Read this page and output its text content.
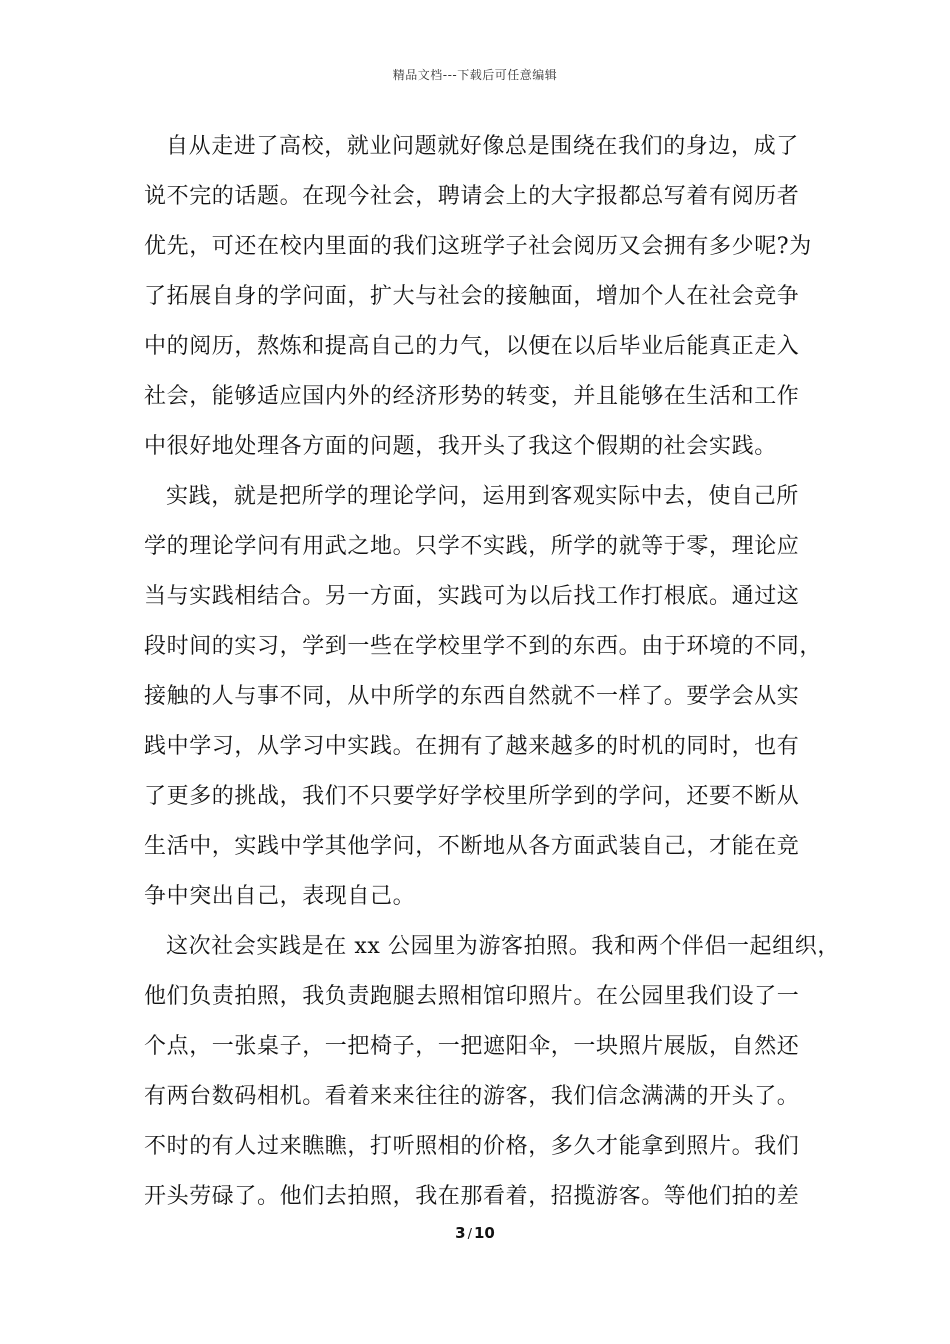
精品文档---下载后可任意编辑
自从走进了高校，就业问题就好像总是围绕在我们的身边，成了
说不完的话题。在现今社会，聘请会上的大字报都总写着有阅历者
优先，可还在校内里面的我们这班学子社会阅历又会拥有多少呢?为
了拓展自身的学问面，扩大与社会的接触面，增加个人在社会竞争
中的阅历，熬炼和提高自己的力气，以便在以后毕业后能真正走入
社会，能够适应国内外的经济形势的转变，并且能够在生活和工作
中很好地处理各方面的问题，我开头了我这个假期的社会实践。
实践，就是把所学的理论学问，运用到客观实际中去，使自己所
学的理论学问有用武之地。只学不实践，所学的就等于零，理论应
当与实践相结合。另一方面，实践可为以后找工作打根底。通过这
段时间的实习，学到一些在学校里学不到的东西。由于环境的不同，
接触的人与事不同，从中所学的东西自然就不一样了。要学会从实
践中学习，从学习中实践。在拥有了越来越多的时机的同时，也有
了更多的挑战，我们不只要学好学校里所学到的学问，还要不断从
生活中，实践中学其他学问，不断地从各方面武装自己，才能在竞
争中突出自己，表现自己。
这次社会实践是在 xx 公园里为游客拍照。我和两个伴侣一起组织，
他们负责拍照，我负责跑腿去照相馆印照片。在公园里我们设了一
个点，一张桌子，一把椅子，一把遮阳伞，一块照片展版，自然还
有两台数码相机。看着来来往往的游客，我们信念满满的开头了。
不时的有人过来瞧瞧，打听照相的价格，多久才能拿到照片。我们
开头劳碌了。他们去拍照，我在那看着，招揽游客。等他们拍的差
3 / 10
